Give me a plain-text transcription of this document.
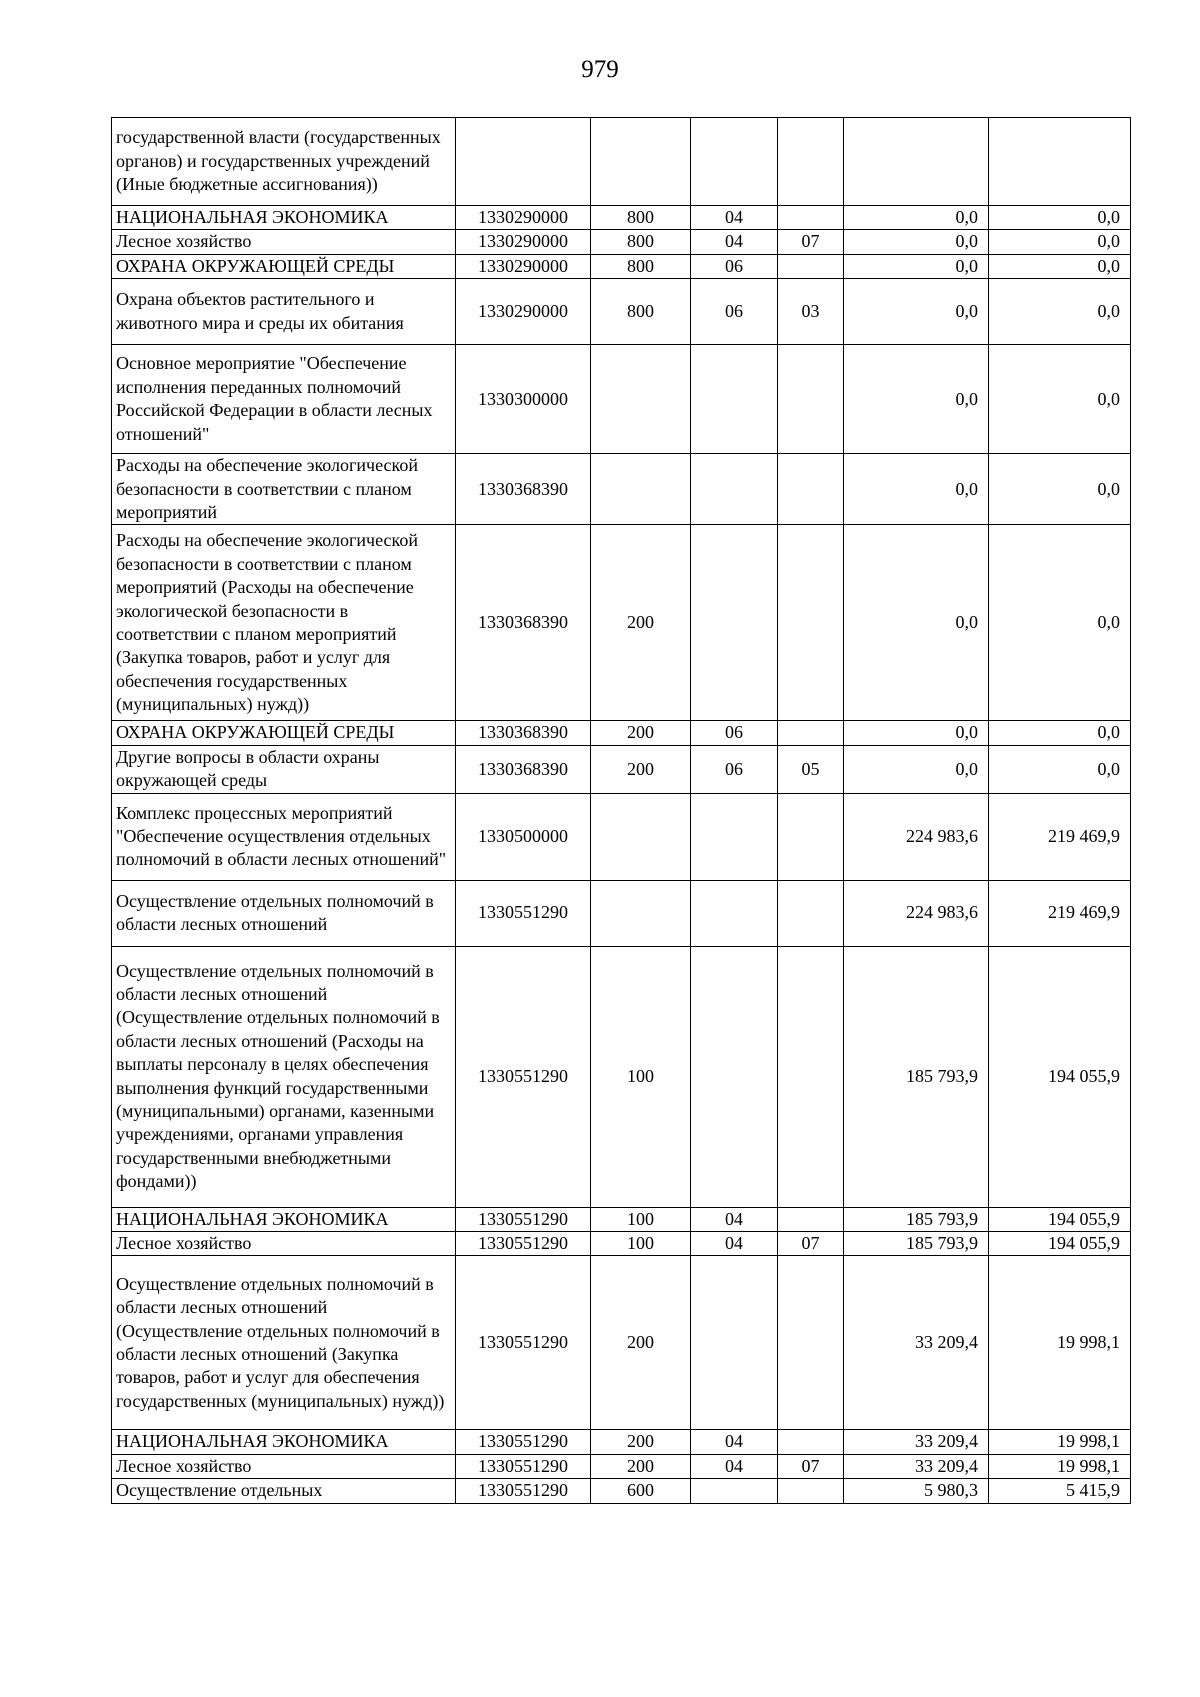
979
государственной власти (государственных органов) и государственных учреждений (Иные бюджетные ассигнования))						
НАЦИОНАЛЬНАЯ ЭКОНОМИКА	1330290000	800	04		0,0	0,0
Лесное хозяйство	1330290000	800	04	07	0,0	0,0
ОХРАНА ОКРУЖАЮЩЕЙ СРЕДЫ	1330290000	800	06		0,0	0,0
Охрана объектов растительного и животного мира и среды их обитания	1330290000	800	06	03	0,0	0,0
Основное мероприятие "Обеспечение исполнения переданных полномочий Российской Федерации в области лесных отношений"	1330300000				0,0	0,0
Расходы на обеспечение экологической безопасности в соответствии с планом мероприятий	1330368390				0,0	0,0
Расходы на обеспечение экологической безопасности в соответствии с планом мероприятий (Расходы на обеспечение экологической безопасности в соответствии с планом мероприятий (Закупка товаров, работ и услуг для обеспечения государственных (муниципальных) нужд))	1330368390	200			0,0	0,0
ОХРАНА ОКРУЖАЮЩЕЙ СРЕДЫ	1330368390	200	06		0,0	0,0
Другие вопросы в области охраны окружающей среды	1330368390	200	06	05	0,0	0,0
Комплекс процессных мероприятий "Обеспечение осуществления отдельных полномочий в области лесных отношений"	1330500000				224 983,6	219 469,9
Осуществление отдельных полномочий в области лесных отношений	1330551290				224 983,6	219 469,9
Осуществление отдельных полномочий в области лесных отношений (Осуществление отдельных полномочий в области лесных отношений (Расходы на выплаты персоналу в целях обеспечения выполнения функций государственными (муниципальными) органами, казенными учреждениями, органами управления государственными внебюджетными фондами))	1330551290	100			185 793,9	194 055,9
НАЦИОНАЛЬНАЯ ЭКОНОМИКА	1330551290	100	04		185 793,9	194 055,9
Лесное хозяйство	1330551290	100	04	07	185 793,9	194 055,9
Осуществление отдельных полномочий в области лесных отношений (Осуществление отдельных полномочий в области лесных отношений (Закупка товаров, работ и услуг для обеспечения государственных (муниципальных) нужд))	1330551290	200			33 209,4	19 998,1
НАЦИОНАЛЬНАЯ ЭКОНОМИКА	1330551290	200	04		33 209,4	19 998,1
Лесное хозяйство	1330551290	200	04	07	33 209,4	19 998,1
Осуществление отдельных	1330551290	600			5 980,3	5 415,9
